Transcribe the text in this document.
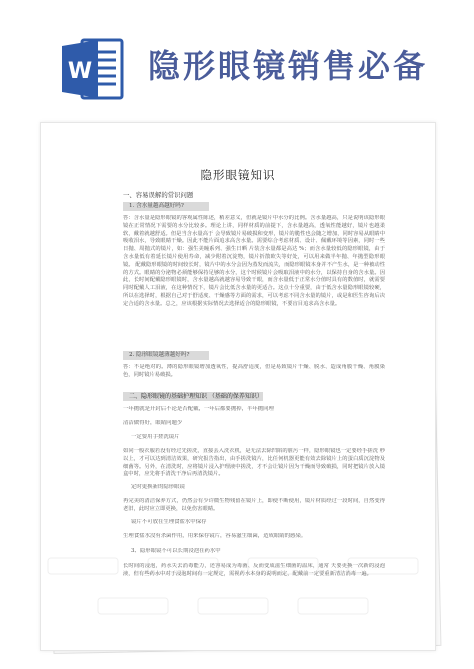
W 隐形眼镜销售必备
隐形眼镜知识
一、容易误解的常识问题
1. 含水量越高越好吗?
答：含水量是隐形眼镜的客观属性陈述，稍差意义，但就是镜片中水分的比例。含水量越高，只是说明该隐形眼镜在正常情况下需要的水分比较多。理论上讲，同样材质的前提下，含水量越高，透氧性能越好，镜片也越柔软，戴着就越舒适。但是当含水量高于 会导致镜片易破损和变形，镜片的脆性也会随之增加，同时容易从眼睛中吸收泪水，导致眼睛干燥。因此不能片面追求高含水量。需要综合考虑材质、设计、佩戴环境等因素，同时一些日抛、周抛式的镜片，如：强生美瞳系列、强生日晒 片装含水量都是高达 %；而含水量较低的隐形眼镜，由于含水量低有着延长镜片使用寿命，减少附着沉淀物，镜片折散欧失等好处，可以用来做半年抛、年抛型隐形眼镜。 配戴隐形眼镜的时间较长时，镜片中的水分会因为蒸发而流失，而隐形眼镜本身并不产生水，是一种被动性的方式。眼睛的分泌物必须能够保持足够的水分，这个时候镜片会吸取泪液中的水分，以保持自身的含水量。因此，长时间配戴隐形眼镜时，含水量越高就越容易导致干眼，而含水量低于正常水分值时具有的数值时，就需要同时配戴人工泪液，在这种情况下，镜片会比低含水量的更适合。这点十分重要，由于低含水量隐形眼镜较硬，所以在选择时，根据自己对于舒适度、干燥感等方面的需求，可以考虑不同含水量的镜片，或是和医生咨询后决定合适的含水量。总之，应该根据实际情况去选择适合的隐形眼镜，不要盲目追求高含水量。
2. 隐形眼镜越薄越好吗?
答：不是绝对的。薄的隐形眼镜增加透氧性，提高舒适度，但是易致镜片干燥、脱水、造成角膜干燥、角膜染色，同时镜片易破损。
二、隐形眼镜的基础护理知识 （基础的保养知识）
一年抛就是开封后不论是否配戴，一年后都要抛掉，半年抛同理
清洁做得好，眼睛问题少
一定要用手搓洗镜片
如同一般衣服若没有经过先搓洗，直接丢入洗衣机，是无法去除凹陷的脏污一样，隐形眼镜也一定要经手搓洗 秒以上，才可以达到清洁效果，研究报告指出，由手搓洗镜片，比任何机器更能有效去除镜片上的蛋白质沉淀物及细菌等。另外，在清洗时，应将镜片浸入护理液中搓洗，才不会让镜片因为干燥而导致破损，同时把镜片放入镜盒中时，应先将手清洗干净后再清洗镜片。
定时更换新的隐形眼镜
再完美的清洁保养方式，仍然会有少许微生物残留在镜片上，即使不断使用，镜片材质经过一段时间，自然变得老旧，此时应立即更换，以免伤害眼睛。
镜片不可放在生理食盐水中保存
生理食盐水没有杀菌作用，用来保存镜片，容易滋生细菌，造成眼睛的感染。
3、隐形眼镜不可以长期浸泡在药水中
长时间的浸泡，药水失去消毒能力，还容易成为毒菌、反而变成滋生细菌的温床，通常 天要更换一次新的浸泡液，但有些药水中对于浸泡时间有一定规定，需视药水本身的说明而定，配戴前一定要重新清洁消毒一遍。
